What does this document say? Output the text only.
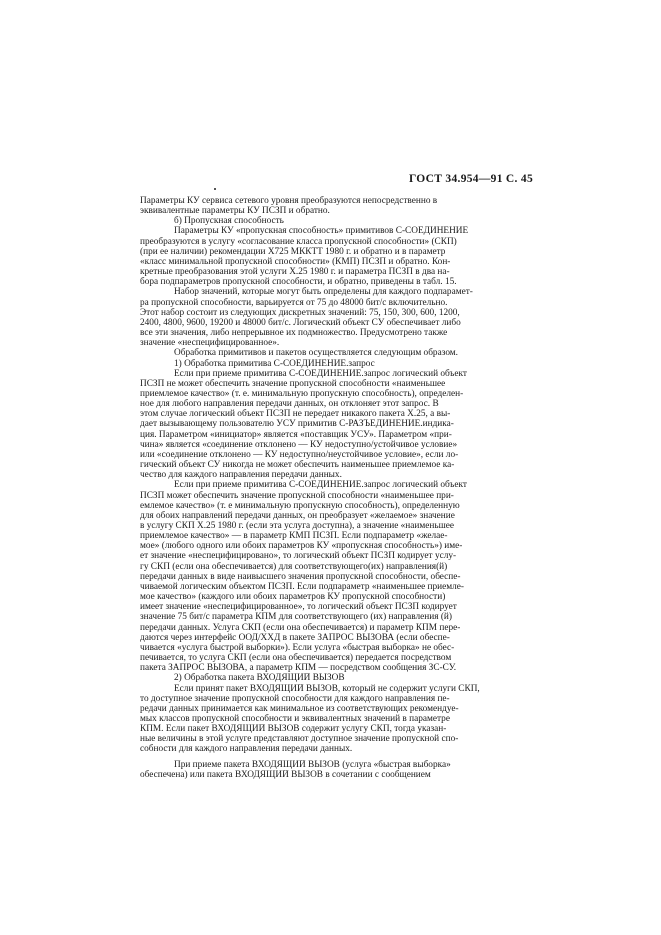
ГОСТ 34.954—91 С. 45
Параметры КУ сервиса сетевого уровня преобразуются непосредственно в
эквивалентные параметры КУ ПСЗП и обратно.
б) Пропускная способность
Параметры КУ «пропускная способность» примитивов С-СОЕДИНЕНИЕ
преобразуются в услугу «согласование класса пропускной способности» (СКП)
(при ее наличии) рекомендации X725 МККТТ 1980 г. и обратно и в параметр
«класс минимальной пропускной способности» (КМП) ПСЗП и обратно. Кон-
кретные преобразования этой услуги Х.25 1980 г. и параметра ПСЗП в два на-
бора подпараметров пропускной способности, и обратно, приведены в табл. 15.
Набор значений, которые могут быть определены для каждого подпарамет-
ра пропускной способности, варьируется от 75 до 48000 бит/с включительно.
Этот набор состоит из следующих дискретных значений: 75, 150, 300, 600, 1200,
2400, 4800, 9600, 19200 и 48000 бит/с. Логический объект СУ обеспечивает либо
все эти значения, либо непрерывное их подмножество. Предусмотрено также
значение «неспецифицированное».
Обработка примитивов и пакетов осуществляется следующим образом.
1) Обработка примитива С-СОЕДИНЕНИЕ.запрос
Если при приеме примитива С-СОЕДИНЕНИЕ.запрос логический объект
ПСЗП не может обеспечить значение пропускной способности «наименьшее
приемлемое качество» (т. е. минимальную пропускную способность), определен-
ное для любого направления передачи данных, он отклоняет этот запрос. В
этом случае логический объект ПСЗП не передает никакого пакета X.25, а вы-
дает вызывающему пользователю УСУ примитив С-РАЗЪЕДИНЕНИЕ.индика-
ция. Параметром «инициатор» является «поставщик УСУ». Параметром «при-
чина» является «соединение отклонено — КУ недоступно/устойчивое условие»
или «соединение отклонено — КУ недоступно/неустойчивое условие», если ло-
гический объект СУ никогда не может обеспечить наименьшее приемлемое ка-
чество для каждого направления передачи данных.
Если при приеме примитива С-СОЕДИНЕНИЕ.запрос логический объект
ПСЗП может обеспечить значение пропускной способности «наименьшее при-
емлемое качество» (т. е минимальную пропускную способность), определенную
для обоих направлений передачи данных, он преобразует «желаемое» значение
в услугу СКП Х.25 1980 г. (если эта услуга доступна), а значение «наименьшее
приемлемое качество» — в параметр КМП ПСЗП. Если подпараметр «желае-
мое» (любого одного или обоих параметров КУ «пропускная способность») име-
ет значение «неспецифицировано», то логический объект ПСЗП кодирует услу-
гу СКП (если она обеспечивается) для соответствующего(их) направления(й)
передачи данных в виде наивысшего значения пропускной способности, обеспе-
чиваемой логическим объектом ПСЗП. Если подпараметр «наименьшее приемле-
мое качество» (каждого или обоих параметров КУ пропускной способности)
имеет значение «неспецифицированное», то логический объект ПСЗП кодирует
значение 75 бит/с параметра КПМ для соответствующего (их) направления (й)
передачи данных. Услуга СКП (если она обеспечивается) и параметр КПМ пере-
даются через интерфейс ООД/ХХД в пакете ЗАПРОС ВЫЗОВА (если обеспе-
чивается «услуга быстрой выборки»). Если услуга «быстрая выборка» не обес-
печивается, то услуга СКП (если она обеспечивается) передается посредством
пакета ЗАПРОС ВЫЗОВА, а параметр КПМ — посредством сообщения ЗС-СУ.
2) Обработка пакета ВХОДЯЩИЙ ВЫЗОВ
Если принят пакет ВХОДЯЩИЙ ВЫЗОВ, который не содержит услуги СКП,
то доступное значение пропускной способности для каждого направления пе-
редачи данных принимается как минимальное из соответствующих рекомендуе-
мых классов пропускной способности и эквивалентных значений в параметре
КПМ. Если пакет ВХОДЯЩИЙ ВЫЗОВ содержит услугу СКП, тогда указан-
ные величины в этой услуге представляют доступное значение пропускной спо-
собности для каждого направления передачи данных.
При приеме пакета ВХОДЯЩИЙ ВЫЗОВ (услуга «быстрая выборка»
обеспечена) или пакета ВХОДЯЩИЙ ВЫЗОВ в сочетании с сообщением
